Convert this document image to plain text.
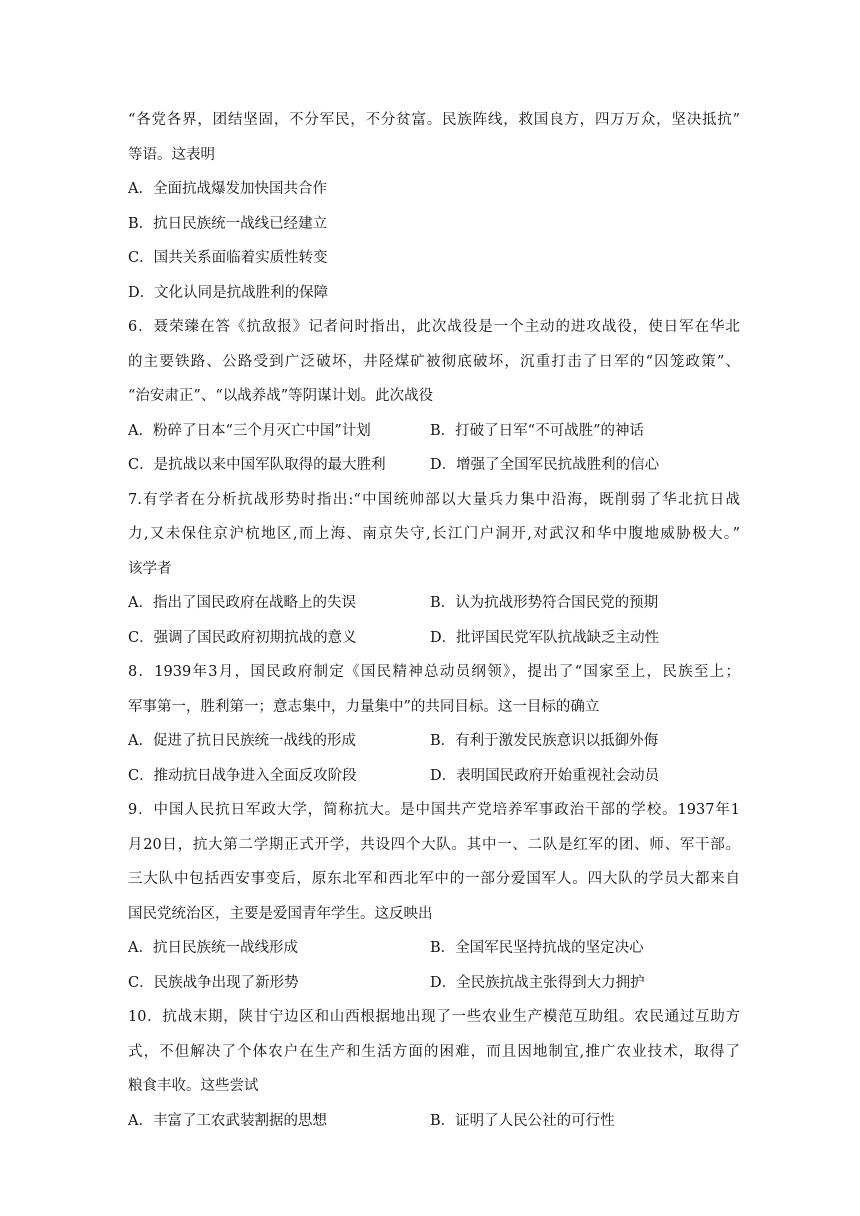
“各党各界，团结坚固，不分军民，不分贫富。民族阵线，救国良方，四万万众，坚决抵抗”
等语。这表明
A．全面抗战爆发加快国共合作
B．抗日民族统一战线已经建立
C．国共关系面临着实质性转变
D．文化认同是抗战胜利的保障
6．聂荣臻在答《抗敌报》记者问时指出，此次战役是一个主动的进攻战役，使日军在华北
的主要铁路、公路受到广泛破坏，井陉煤矿被彻底破坏，沉重打击了日军的“囚笼政策”、
“治安肃正”、“以战养战”等阴谋计划。此次战役
A．粉碎了日本“三个月灭亡中国”计划	B．打破了日军“不可战胜”的神话
C．是抗战以来中国军队取得的最大胜利	D．增强了全国军民抗战胜利的信心
7.有学者在分析抗战形势时指出:“中国统帅部以大量兵力集中沿海，既削弱了华北抗日战
力,又未保住京沪杭地区,而上海、南京失守,长江门户洞开,对武汉和华中腹地威胁极大。”
该学者
A．指出了国民政府在战略上的失误	B．认为抗战形势符合国民党的预期
C．强调了国民政府初期抗战的意义	D．批评国民党军队抗战缺乏主动性
8．1939年3月，国民政府制定《国民精神总动员纲领》，提出了“国家至上，民族至上；
军事第一，胜利第一；意志集中，力量集中”的共同目标。这一目标的确立
A．促进了抗日民族统一战线的形成	B．有利于激发民族意识以抵御外侮
C．推动抗日战争进入全面反攻阶段	D．表明国民政府开始重视社会动员
9．中国人民抗日军政大学，简称抗大。是中国共产党培养军事政治干部的学校。1937年1
月20日，抗大第二学期正式开学，共设四个大队。其中一、二队是红军的团、师、军干部。
三大队中包括西安事变后，原东北军和西北军中的一部分爱国军人。四大队的学员大都来自
国民党统治区，主要是爱国青年学生。这反映出
A．抗日民族统一战线形成	B．全国军民坚持抗战的坚定决心
C．民族战争出现了新形势	D．全民族抗战主张得到大力拥护
10．抗战末期，陕甘宁边区和山西根据地出现了一些农业生产模范互助组。农民通过互助方
式，不但解决了个体农户在生产和生活方面的困难，而且因地制宜,推广农业技术，取得了
粮食丰收。这些尝试
A．丰富了工农武装割据的思想	B．证明了人民公社的可行性
